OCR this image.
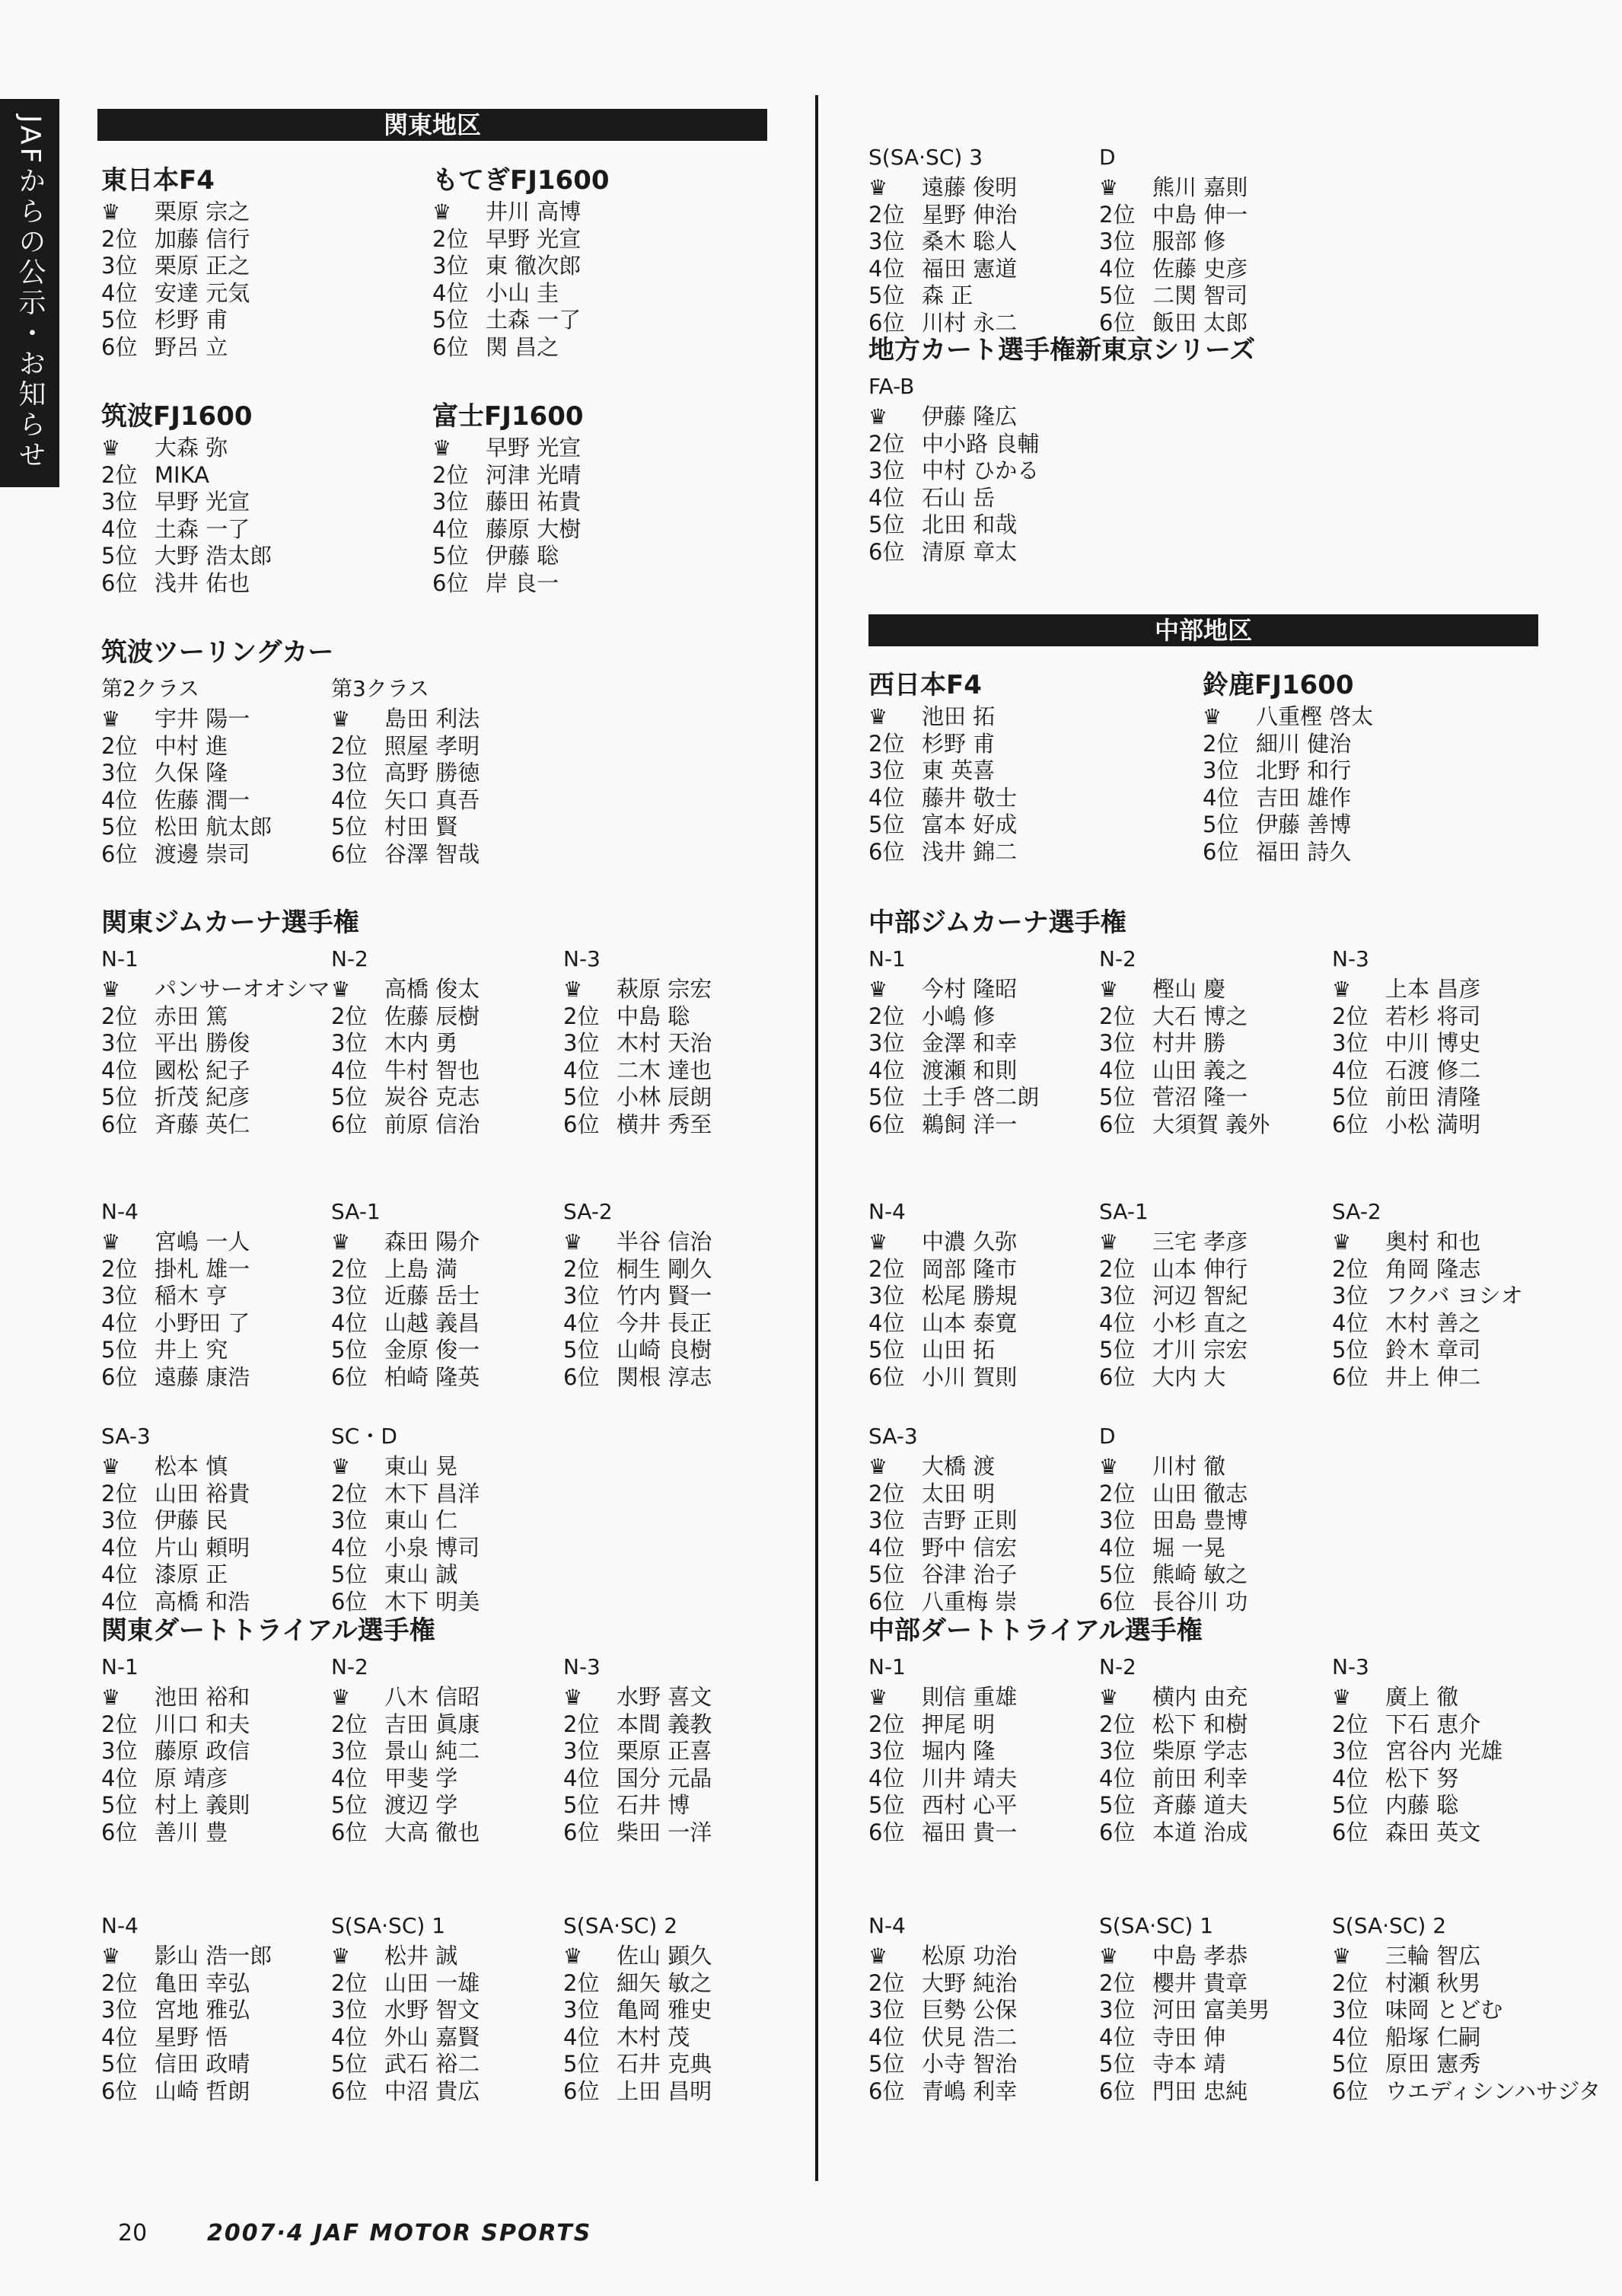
JAFからの公示・お知らせ	関東地区
中部地区
東日本F4
♛ 栗原 宗之
2位 加藤 信行
3位 栗原 正之
4位 安達 元気
5位 杉野 甫
6位 野呂 立
もてぎFJ1600
♛ 井川 高博
2位 早野 光宣
3位 東 徹次郎
4位 小山 圭
5位 土森 一了
6位 関 昌之
筑波FJ1600
♛ 大森 弥
2位 MIKA
3位 早野 光宣
4位 土森 一了
5位 大野 浩太郎
6位 浅井 佑也
富士FJ1600
♛ 早野 光宣
2位 河津 光晴
3位 藤田 祐貴
4位 藤原 大樹
5位 伊藤 聡
6位 岸 良一
筑波ツーリングカー
第2クラス
♛ 宇井 陽一
2位 中村 進
3位 久保 隆
4位 佐藤 潤一
5位 松田 航太郎
6位 渡邊 崇司

第3クラス
♛ 島田 利法
2位 照屋 孝明
3位 高野 勝徳
4位 矢口 真吾
5位 村田 賢
6位 谷澤 智哉
関東ジムカーナ選手権
N-1
♛ パンサーオオシマ
2位 赤田 篤
3位 平出 勝俊
4位 國松 紀子
5位 折茂 紀彦
6位 斉藤 英仁

N-2
♛ 高橋 俊太
2位 佐藤 辰樹
3位 木内 勇
4位 牛村 智也
5位 炭谷 克志
6位 前原 信治

N-3
♛ 萩原 宗宏
2位 中島 聡
3位 木村 天治
4位 二木 達也
5位 小林 辰朗
6位 横井 秀至

N-4
♛ 宮嶋 一人
2位 掛札 雄一
3位 稲木 亨
4位 小野田 了
5位 井上 究
6位 遠藤 康浩

SA-1
♛ 森田 陽介
2位 上島 満
3位 近藤 岳士
4位 山越 義昌
5位 金原 俊一
6位 柏崎 隆英

SA-2
♛ 半谷 信治
2位 桐生 剛久
3位 竹内 賢一
4位 今井 長正
5位 山崎 良樹
6位 関根 淳志

SA-3
♛ 松本 慎
2位 山田 裕貴
3位 伊藤 民
4位 片山 頼明
4位 漆原 正
4位 高橋 和浩

SC・D
♛ 東山 晃
2位 木下 昌洋
3位 東山 仁
4位 小泉 博司
5位 東山 誠
6位 木下 明美
関東ダートトライアル選手権
N-1
♛ 池田 裕和
2位 川口 和夫
3位 藤原 政信
4位 原 靖彦
5位 村上 義則
6位 善川 豊

N-2
♛ 八木 信昭
2位 吉田 眞康
3位 景山 純二
4位 甲斐 学
5位 渡辺 学
6位 大高 徹也

N-3
♛ 水野 喜文
2位 本間 義教
3位 栗原 正喜
4位 国分 元晶
5位 石井 博
6位 柴田 一洋

N-4
♛ 影山 浩一郎
2位 亀田 幸弘
3位 宮地 雅弘
4位 星野 悟
5位 信田 政晴
6位 山崎 哲朗

S(SA·SC) 1
♛ 松井 誠
2位 山田 一雄
3位 水野 智文
4位 外山 嘉賢
5位 武石 裕二
6位 中沼 貴広

S(SA·SC) 2
♛ 佐山 顕久
2位 細矢 敏之
3位 亀岡 雅史
4位 木村 茂
5位 石井 克典
6位 上田 昌明

S(SA·SC) 3
♛ 遠藤 俊明
2位 星野 伸治
3位 桑木 聡人
4位 福田 憲道
5位 森 正
6位 川村 永二

D
♛ 熊川 嘉則
2位 中島 伸一
3位 服部 修
4位 佐藤 史彦
5位 二関 智司
6位 飯田 太郎
地方カート選手権新東京シリーズ
FA-B
♛ 伊藤 隆広
2位 中小路 良輔
3位 中村 ひかる
4位 石山 岳
5位 北田 和哉
6位 清原 章太
西日本F4
♛ 池田 拓
2位 杉野 甫
3位 東 英喜
4位 藤井 敬士
5位 富本 好成
6位 浅井 錦二
鈴鹿FJ1600
♛ 八重樫 啓太
2位 細川 健治
3位 北野 和行
4位 吉田 雄作
5位 伊藤 善博
6位 福田 詩久
中部ジムカーナ選手権
N-1
♛ 今村 隆昭
2位 小嶋 修
3位 金澤 和幸
4位 渡瀬 和則
5位 土手 啓二朗
6位 鵜飼 洋一

N-2
♛ 樫山 慶
2位 大石 博之
3位 村井 勝
4位 山田 義之
5位 菅沼 隆一
6位 大須賀 義外

N-3
♛ 上本 昌彦
2位 若杉 将司
3位 中川 博史
4位 石渡 修二
5位 前田 清隆
6位 小松 満明

N-4
♛ 中濃 久弥
2位 岡部 隆市
3位 松尾 勝規
4位 山本 泰寛
5位 山田 拓
6位 小川 賀則

SA-1
♛ 三宅 孝彦
2位 山本 伸行
3位 河辺 智紀
4位 小杉 直之
5位 才川 宗宏
6位 大内 大

SA-2
♛ 奥村 和也
2位 角岡 隆志
3位 フクバ ヨシオ
4位 木村 善之
5位 鈴木 章司
6位 井上 伸二

SA-3
♛ 大橋 渡
2位 太田 明
3位 吉野 正則
4位 野中 信宏
5位 谷津 治子
6位 八重梅 崇

D
♛ 川村 徹
2位 山田 徹志
3位 田島 豊博
4位 堀 一晃
5位 熊崎 敏之
6位 長谷川 功
中部ダートトライアル選手権
N-1
♛ 則信 重雄
2位 押尾 明
3位 堀内 隆
4位 川井 靖夫
5位 西村 心平
6位 福田 貴一

N-2
♛ 横内 由充
2位 松下 和樹
3位 柴原 学志
4位 前田 利幸
5位 斉藤 道夫
6位 本道 治成

N-3
♛ 廣上 徹
2位 下石 恵介
3位 宮谷内 光雄
4位 松下 努
5位 内藤 聡
6位 森田 英文

N-4
♛ 松原 功治
2位 大野 純治
3位 巨勢 公保
4位 伏見 浩二
5位 小寺 智治
6位 青嶋 利幸

S(SA·SC) 1
♛ 中島 孝恭
2位 櫻井 貴章
3位 河田 富美男
4位 寺田 伸
5位 寺本 靖
6位 門田 忠純

S(SA·SC) 2
♛ 三輪 智広
2位 村瀬 秋男
3位 味岡 とどむ
4位 船塚 仁嗣
5位 原田 憲秀
6位 ウエディシンハサジタ
20	2007·4 JAF MOTOR SPORTS
